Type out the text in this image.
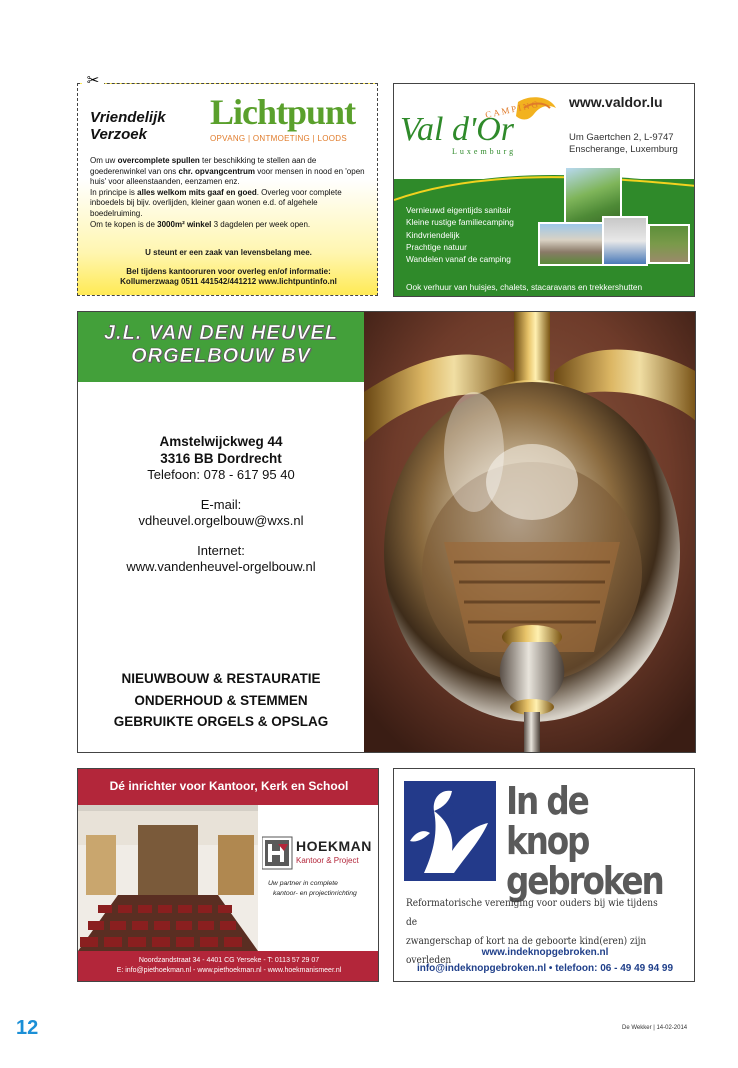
Vriendelijk
Verzoek
Lichtpunt
OPVANG | ONTMOETING | LOODS
Om uw overcomplete spullen ter beschikking te stellen aan de goederenwinkel van ons chr. opvangcentrum voor mensen in nood en 'open huis' voor alleenstaanden, eenzamen enz.
In principe is alles welkom mits gaaf en goed. Overleg voor complete inboedels bij bijv. overlijden, kleiner gaan wonen e.d. of algehele boedelruiming.
Om te kopen is de 3000m² winkel 3 dagdelen per week open.
U steunt er een zaak van levensbelang mee.
Bel tijdens kantooruren voor overleg en/of informatie:
Kollumerzwaag 0511 441542/441212 www.lichtpuntinfo.nl
✂
CAMPING
Val d'Or
Luxemburg
www.valdor.lu
Um Gaertchen 2, L-9747
Enscherange, Luxemburg
Vernieuwd eigentijds sanitair
Kleine rustige familiecamping
Kindvriendelijk
Prachtige natuur
Wandelen vanaf de camping
Ook verhuur van huisjes, chalets, stacaravans en trekkershutten
J.L. VAN DEN HEUVEL
ORGELBOUW BV
Amstelwijckweg 44
3316 BB Dordrecht
Telefoon: 078 - 617 95 40
E-mail:
vdheuvel.orgelbouw@wxs.nl
Internet:
www.vandenheuvel-orgelbouw.nl
NIEUWBOUW & RESTAURATIE
ONDERHOUD & STEMMEN
GEBRUIKTE ORGELS & OPSLAG
Dé inrichter voor Kantoor, Kerk en School
HOEKMAN
Kantoor & Project
Uw partner in complete
kantoor- en projectinrichting
Noordzandstraat 34 - 4401 CG Yerseke - T: 0113 57 29 07
E: info@piethoekman.nl - www.piethoekman.nl - www.hoekmanismeer.nl
In de knop
gebroken
Reformatorische vereniging voor ouders bij wie tijdens de
zwangerschap of kort na de geboorte kind(eren) zijn overleden
www.indeknopgebroken.nl
info@indeknopgebroken.nl • telefoon: 06 - 49 49 94 99
12	De Wekker | 14-02-2014
